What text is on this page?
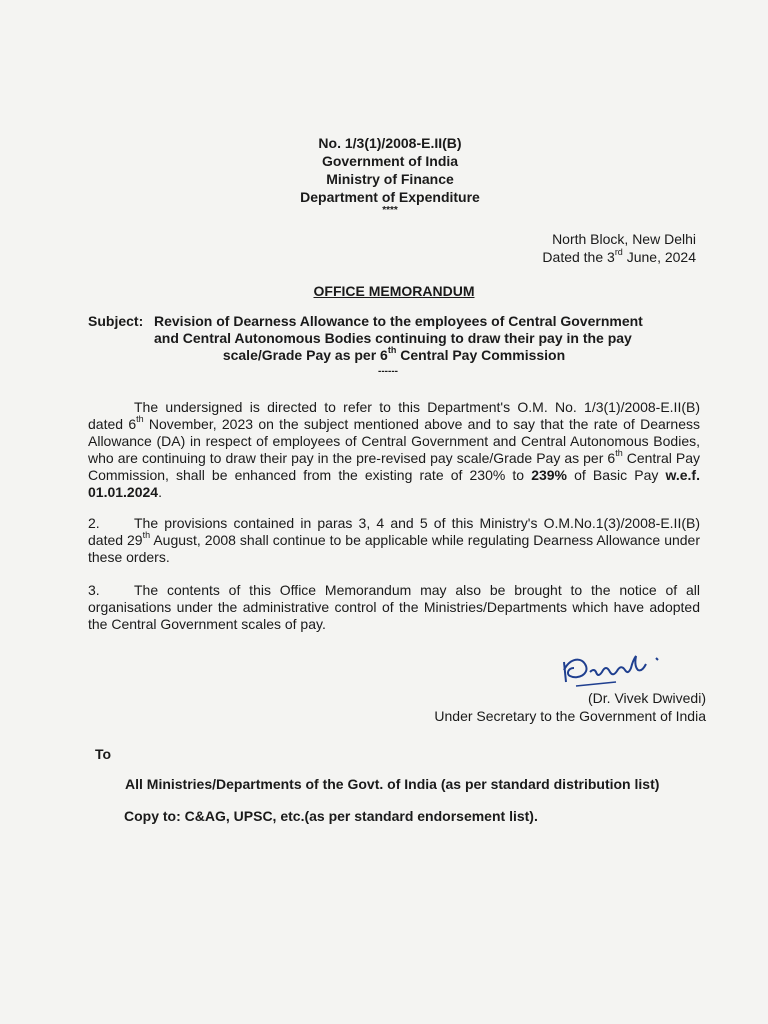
No. 1/3(1)/2008-E.II(B)
Government of India
Ministry of Finance
Department of Expenditure
****
North Block, New Delhi
Dated the 3rd June, 2024
OFFICE MEMORANDUM
Subject: Revision of Dearness Allowance to the employees of Central Government
and Central Autonomous Bodies continuing to draw their pay in the pay

scale/Grade Pay as per 6th Central Pay Commission
------
The undersigned is directed to refer to this Department's O.M. No. 1/3(1)/2008-E.II(B) dated 6th November, 2023 on the subject mentioned above and to say that the rate of Dearness Allowance (DA) in respect of employees of Central Government and Central Autonomous Bodies, who are continuing to draw their pay in the pre-revised pay scale/Grade Pay as per 6th Central Pay Commission, shall be enhanced from the existing rate of 230% to 239% of Basic Pay w.e.f. 01.01.2024.
2. The provisions contained in paras 3, 4 and 5 of this Ministry's O.M.No.1(3)/2008-E.II(B) dated 29th August, 2008 shall continue to be applicable while regulating Dearness Allowance under these orders.
3. The contents of this Office Memorandum may also be brought to the notice of all organisations under the administrative control of the Ministries/Departments which have adopted the Central Government scales of pay.
(Dr. Vivek Dwivedi)
Under Secretary to the Government of India
To
All Ministries/Departments of the Govt. of India (as per standard distribution list)
Copy to: C&AG, UPSC, etc.(as per standard endorsement list).
